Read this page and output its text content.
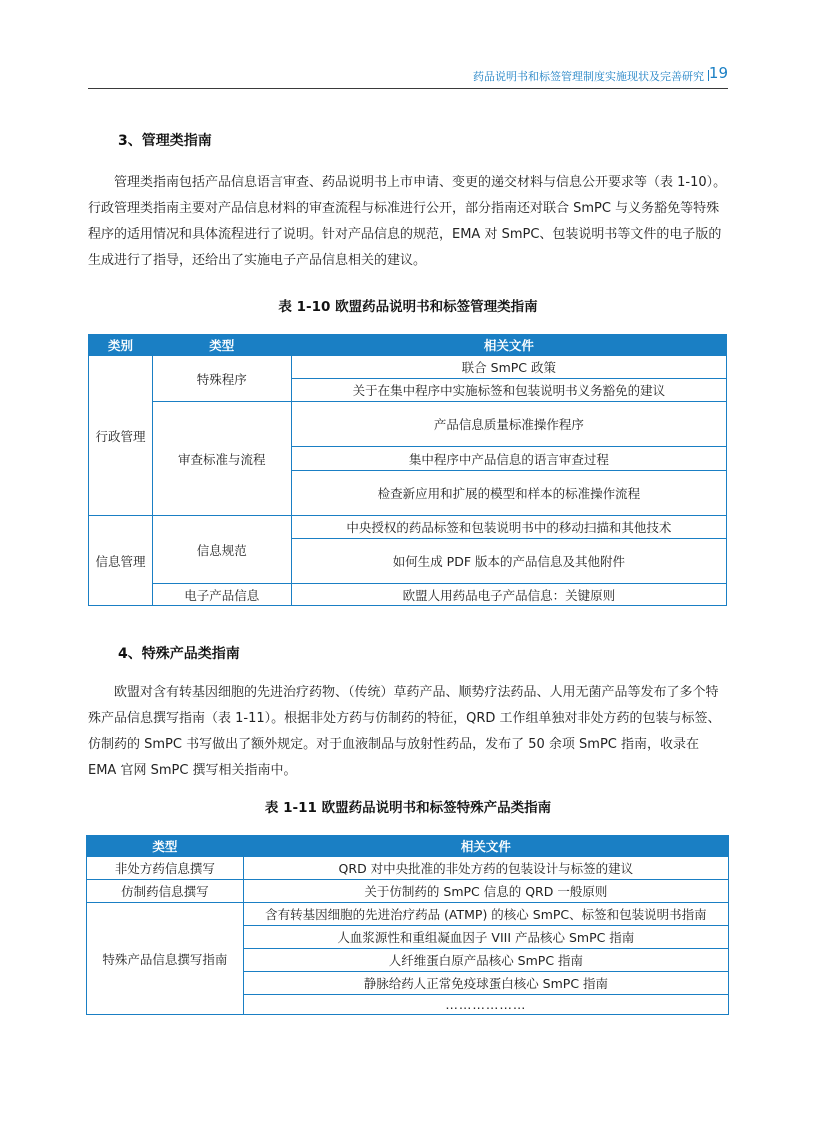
药品说明书和标签管理制度实施现状及完善研究 19
3、管理类指南

管理类指南包括产品信息语言审查、药品说明书上市申请、变更的递交材料与信息公开要求等（表 1-10）。行政管理类指南主要对产品信息材料的审查流程与标准进行公开，部分指南还对联合 SmPC 与义务豁免等特殊程序的适用情况和具体流程进行了说明。针对产品信息的规范，EMA 对 SmPC、包装说明书等文件的电子版的生成进行了指导，还给出了实施电子产品信息相关的建议。

表 1-10 欧盟药品说明书和标签管理类指南
类别	类型	相关文件
行政管理	特殊程序	联合 SmPC 政策
		关于在集中程序中实施标签和包装说明书义务豁免的建议
	审查标准与流程	产品信息质量标准操作程序
		集中程序中产品信息的语言审查过程
		检查新应用和扩展的模型和样本的标准操作流程
信息管理	信息规范	中央授权的药品标签和包装说明书中的移动扫描和其他技术
		如何生成 PDF 版本的产品信息及其他附件
	电子产品信息	欧盟人用药品电子产品信息：关键原则
4、特殊产品类指南

欧盟对含有转基因细胞的先进治疗药物、（传统）草药产品、顺势疗法药品、人用无菌产品等发布了多个特殊产品信息撰写指南（表 1-11）。根据非处方药与仿制药的特征，QRD 工作组单独对非处方药的包装与标签、仿制药的 SmPC 书写做出了额外规定。对于血液制品与放射性药品，发布了 50 余项 SmPC 指南，收录在 EMA 官网 SmPC 撰写相关指南中。

表 1-11 欧盟药品说明书和标签特殊产品类指南
类型	相关文件
非处方药信息撰写	QRD 对中央批准的非处方药的包装设计与标签的建议
仿制药信息撰写	关于仿制药的 SmPC 信息的 QRD 一般原则
特殊产品信息撰写指南	含有转基因细胞的先进治疗药品 (ATMP) 的核心 SmPC、标签和包装说明书指南
	人血浆源性和重组凝血因子 VIII 产品核心 SmPC 指南
	人纤维蛋白原产品核心 SmPC 指南
	静脉给药人正常免疫球蛋白核心 SmPC 指南
	………………
